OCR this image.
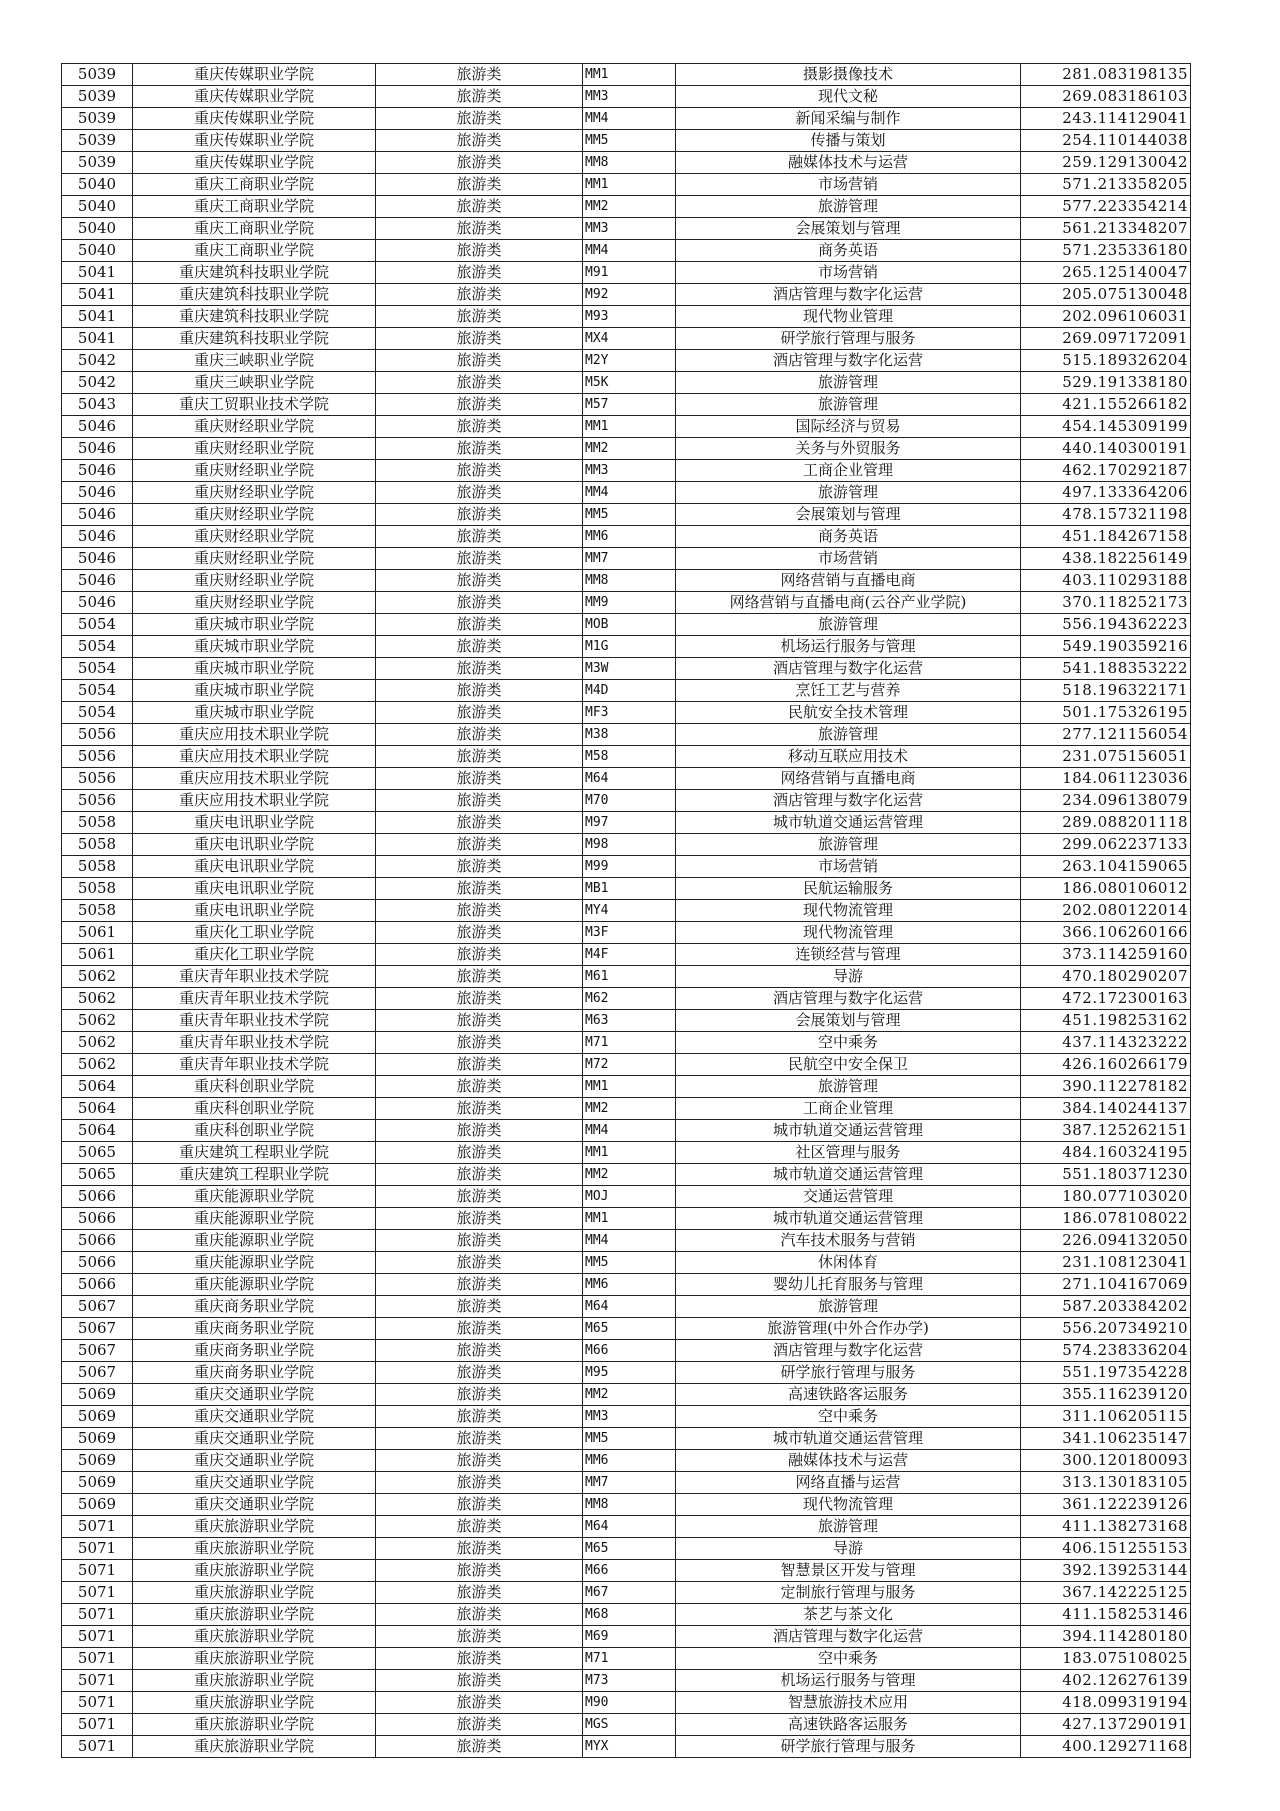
5039	重庆传媒职业学院	旅游类	MM1	摄影摄像技术	281.083198135
5039	重庆传媒职业学院	旅游类	MM3	现代文秘	269.083186103
5039	重庆传媒职业学院	旅游类	MM4	新闻采编与制作	243.114129041
5039	重庆传媒职业学院	旅游类	MM5	传播与策划	254.110144038
5039	重庆传媒职业学院	旅游类	MM8	融媒体技术与运营	259.129130042
5040	重庆工商职业学院	旅游类	MM1	市场营销	571.213358205
5040	重庆工商职业学院	旅游类	MM2	旅游管理	577.223354214
5040	重庆工商职业学院	旅游类	MM3	会展策划与管理	561.213348207
5040	重庆工商职业学院	旅游类	MM4	商务英语	571.235336180
5041	重庆建筑科技职业学院	旅游类	M91	市场营销	265.125140047
5041	重庆建筑科技职业学院	旅游类	M92	酒店管理与数字化运营	205.075130048
5041	重庆建筑科技职业学院	旅游类	M93	现代物业管理	202.096106031
5041	重庆建筑科技职业学院	旅游类	MX4	研学旅行管理与服务	269.097172091
5042	重庆三峡职业学院	旅游类	M2Y	酒店管理与数字化运营	515.189326204
5042	重庆三峡职业学院	旅游类	M5K	旅游管理	529.191338180
5043	重庆工贸职业技术学院	旅游类	M57	旅游管理	421.155266182
5046	重庆财经职业学院	旅游类	MM1	国际经济与贸易	454.145309199
5046	重庆财经职业学院	旅游类	MM2	关务与外贸服务	440.140300191
5046	重庆财经职业学院	旅游类	MM3	工商企业管理	462.170292187
5046	重庆财经职业学院	旅游类	MM4	旅游管理	497.133364206
5046	重庆财经职业学院	旅游类	MM5	会展策划与管理	478.157321198
5046	重庆财经职业学院	旅游类	MM6	商务英语	451.184267158
5046	重庆财经职业学院	旅游类	MM7	市场营销	438.182256149
5046	重庆财经职业学院	旅游类	MM8	网络营销与直播电商	403.110293188
5046	重庆财经职业学院	旅游类	MM9	网络营销与直播电商(云谷产业学院)	370.118252173
5054	重庆城市职业学院	旅游类	MOB	旅游管理	556.194362223
5054	重庆城市职业学院	旅游类	M1G	机场运行服务与管理	549.190359216
5054	重庆城市职业学院	旅游类	M3W	酒店管理与数字化运营	541.188353222
5054	重庆城市职业学院	旅游类	M4D	烹饪工艺与营养	518.196322171
5054	重庆城市职业学院	旅游类	MF3	民航安全技术管理	501.175326195
5056	重庆应用技术职业学院	旅游类	M38	旅游管理	277.121156054
5056	重庆应用技术职业学院	旅游类	M58	移动互联应用技术	231.075156051
5056	重庆应用技术职业学院	旅游类	M64	网络营销与直播电商	184.061123036
5056	重庆应用技术职业学院	旅游类	M70	酒店管理与数字化运营	234.096138079
5058	重庆电讯职业学院	旅游类	M97	城市轨道交通运营管理	289.088201118
5058	重庆电讯职业学院	旅游类	M98	旅游管理	299.062237133
5058	重庆电讯职业学院	旅游类	M99	市场营销	263.104159065
5058	重庆电讯职业学院	旅游类	MB1	民航运输服务	186.080106012
5058	重庆电讯职业学院	旅游类	MY4	现代物流管理	202.080122014
5061	重庆化工职业学院	旅游类	M3F	现代物流管理	366.106260166
5061	重庆化工职业学院	旅游类	M4F	连锁经营与管理	373.114259160
5062	重庆青年职业技术学院	旅游类	M61	导游	470.180290207
5062	重庆青年职业技术学院	旅游类	M62	酒店管理与数字化运营	472.172300163
5062	重庆青年职业技术学院	旅游类	M63	会展策划与管理	451.198253162
5062	重庆青年职业技术学院	旅游类	M71	空中乘务	437.114323222
5062	重庆青年职业技术学院	旅游类	M72	民航空中安全保卫	426.160266179
5064	重庆科创职业学院	旅游类	MM1	旅游管理	390.112278182
5064	重庆科创职业学院	旅游类	MM2	工商企业管理	384.140244137
5064	重庆科创职业学院	旅游类	MM4	城市轨道交通运营管理	387.125262151
5065	重庆建筑工程职业学院	旅游类	MM1	社区管理与服务	484.160324195
5065	重庆建筑工程职业学院	旅游类	MM2	城市轨道交通运营管理	551.180371230
5066	重庆能源职业学院	旅游类	MOJ	交通运营管理	180.077103020
5066	重庆能源职业学院	旅游类	MM1	城市轨道交通运营管理	186.078108022
5066	重庆能源职业学院	旅游类	MM4	汽车技术服务与营销	226.094132050
5066	重庆能源职业学院	旅游类	MM5	休闲体育	231.108123041
5066	重庆能源职业学院	旅游类	MM6	婴幼儿托育服务与管理	271.104167069
5067	重庆商务职业学院	旅游类	M64	旅游管理	587.203384202
5067	重庆商务职业学院	旅游类	M65	旅游管理(中外合作办学)	556.207349210
5067	重庆商务职业学院	旅游类	M66	酒店管理与数字化运营	574.238336204
5067	重庆商务职业学院	旅游类	M95	研学旅行管理与服务	551.197354228
5069	重庆交通职业学院	旅游类	MM2	高速铁路客运服务	355.116239120
5069	重庆交通职业学院	旅游类	MM3	空中乘务	311.106205115
5069	重庆交通职业学院	旅游类	MM5	城市轨道交通运营管理	341.106235147
5069	重庆交通职业学院	旅游类	MM6	融媒体技术与运营	300.120180093
5069	重庆交通职业学院	旅游类	MM7	网络直播与运营	313.130183105
5069	重庆交通职业学院	旅游类	MM8	现代物流管理	361.122239126
5071	重庆旅游职业学院	旅游类	M64	旅游管理	411.138273168
5071	重庆旅游职业学院	旅游类	M65	导游	406.151255153
5071	重庆旅游职业学院	旅游类	M66	智慧景区开发与管理	392.139253144
5071	重庆旅游职业学院	旅游类	M67	定制旅行管理与服务	367.142225125
5071	重庆旅游职业学院	旅游类	M68	茶艺与茶文化	411.158253146
5071	重庆旅游职业学院	旅游类	M69	酒店管理与数字化运营	394.114280180
5071	重庆旅游职业学院	旅游类	M71	空中乘务	183.075108025
5071	重庆旅游职业学院	旅游类	M73	机场运行服务与管理	402.126276139
5071	重庆旅游职业学院	旅游类	M90	智慧旅游技术应用	418.099319194
5071	重庆旅游职业学院	旅游类	MGS	高速铁路客运服务	427.137290191
5071	重庆旅游职业学院	旅游类	MYX	研学旅行管理与服务	400.129271168
